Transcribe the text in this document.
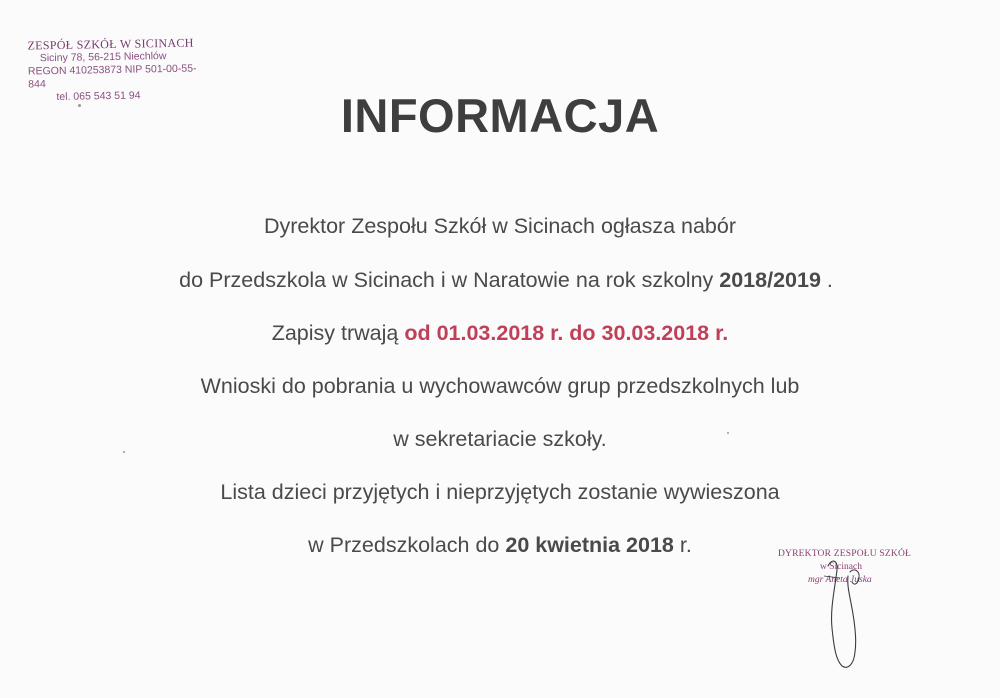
ZESPÓŁ SZKÓŁ W SICINACH
Siciny 78, 56-215 Niechlów
REGON 410253873 NIP 501-00-55-844
tel. 065 543 51 94	INFORMACJA
Dyrektor Zespołu Szkół w Sicinach ogłasza nabór
do Przedszkola w Sicinach i w Naratowie na rok szkolny 2018/2019 .
Zapisy trwają od 01.03.2018 r. do 30.03.2018 r.
Wnioski do pobrania u wychowawców grup przedszkolnych lub
w sekretariacie szkoły.
Lista dzieci przyjętych i nieprzyjętych zostanie wywieszona
w Przedszkolach do 20 kwietnia 2018 r.	DYREKTOR ZESPOŁU SZKÓŁ
w Sicinach
mgr Aneta Juska
